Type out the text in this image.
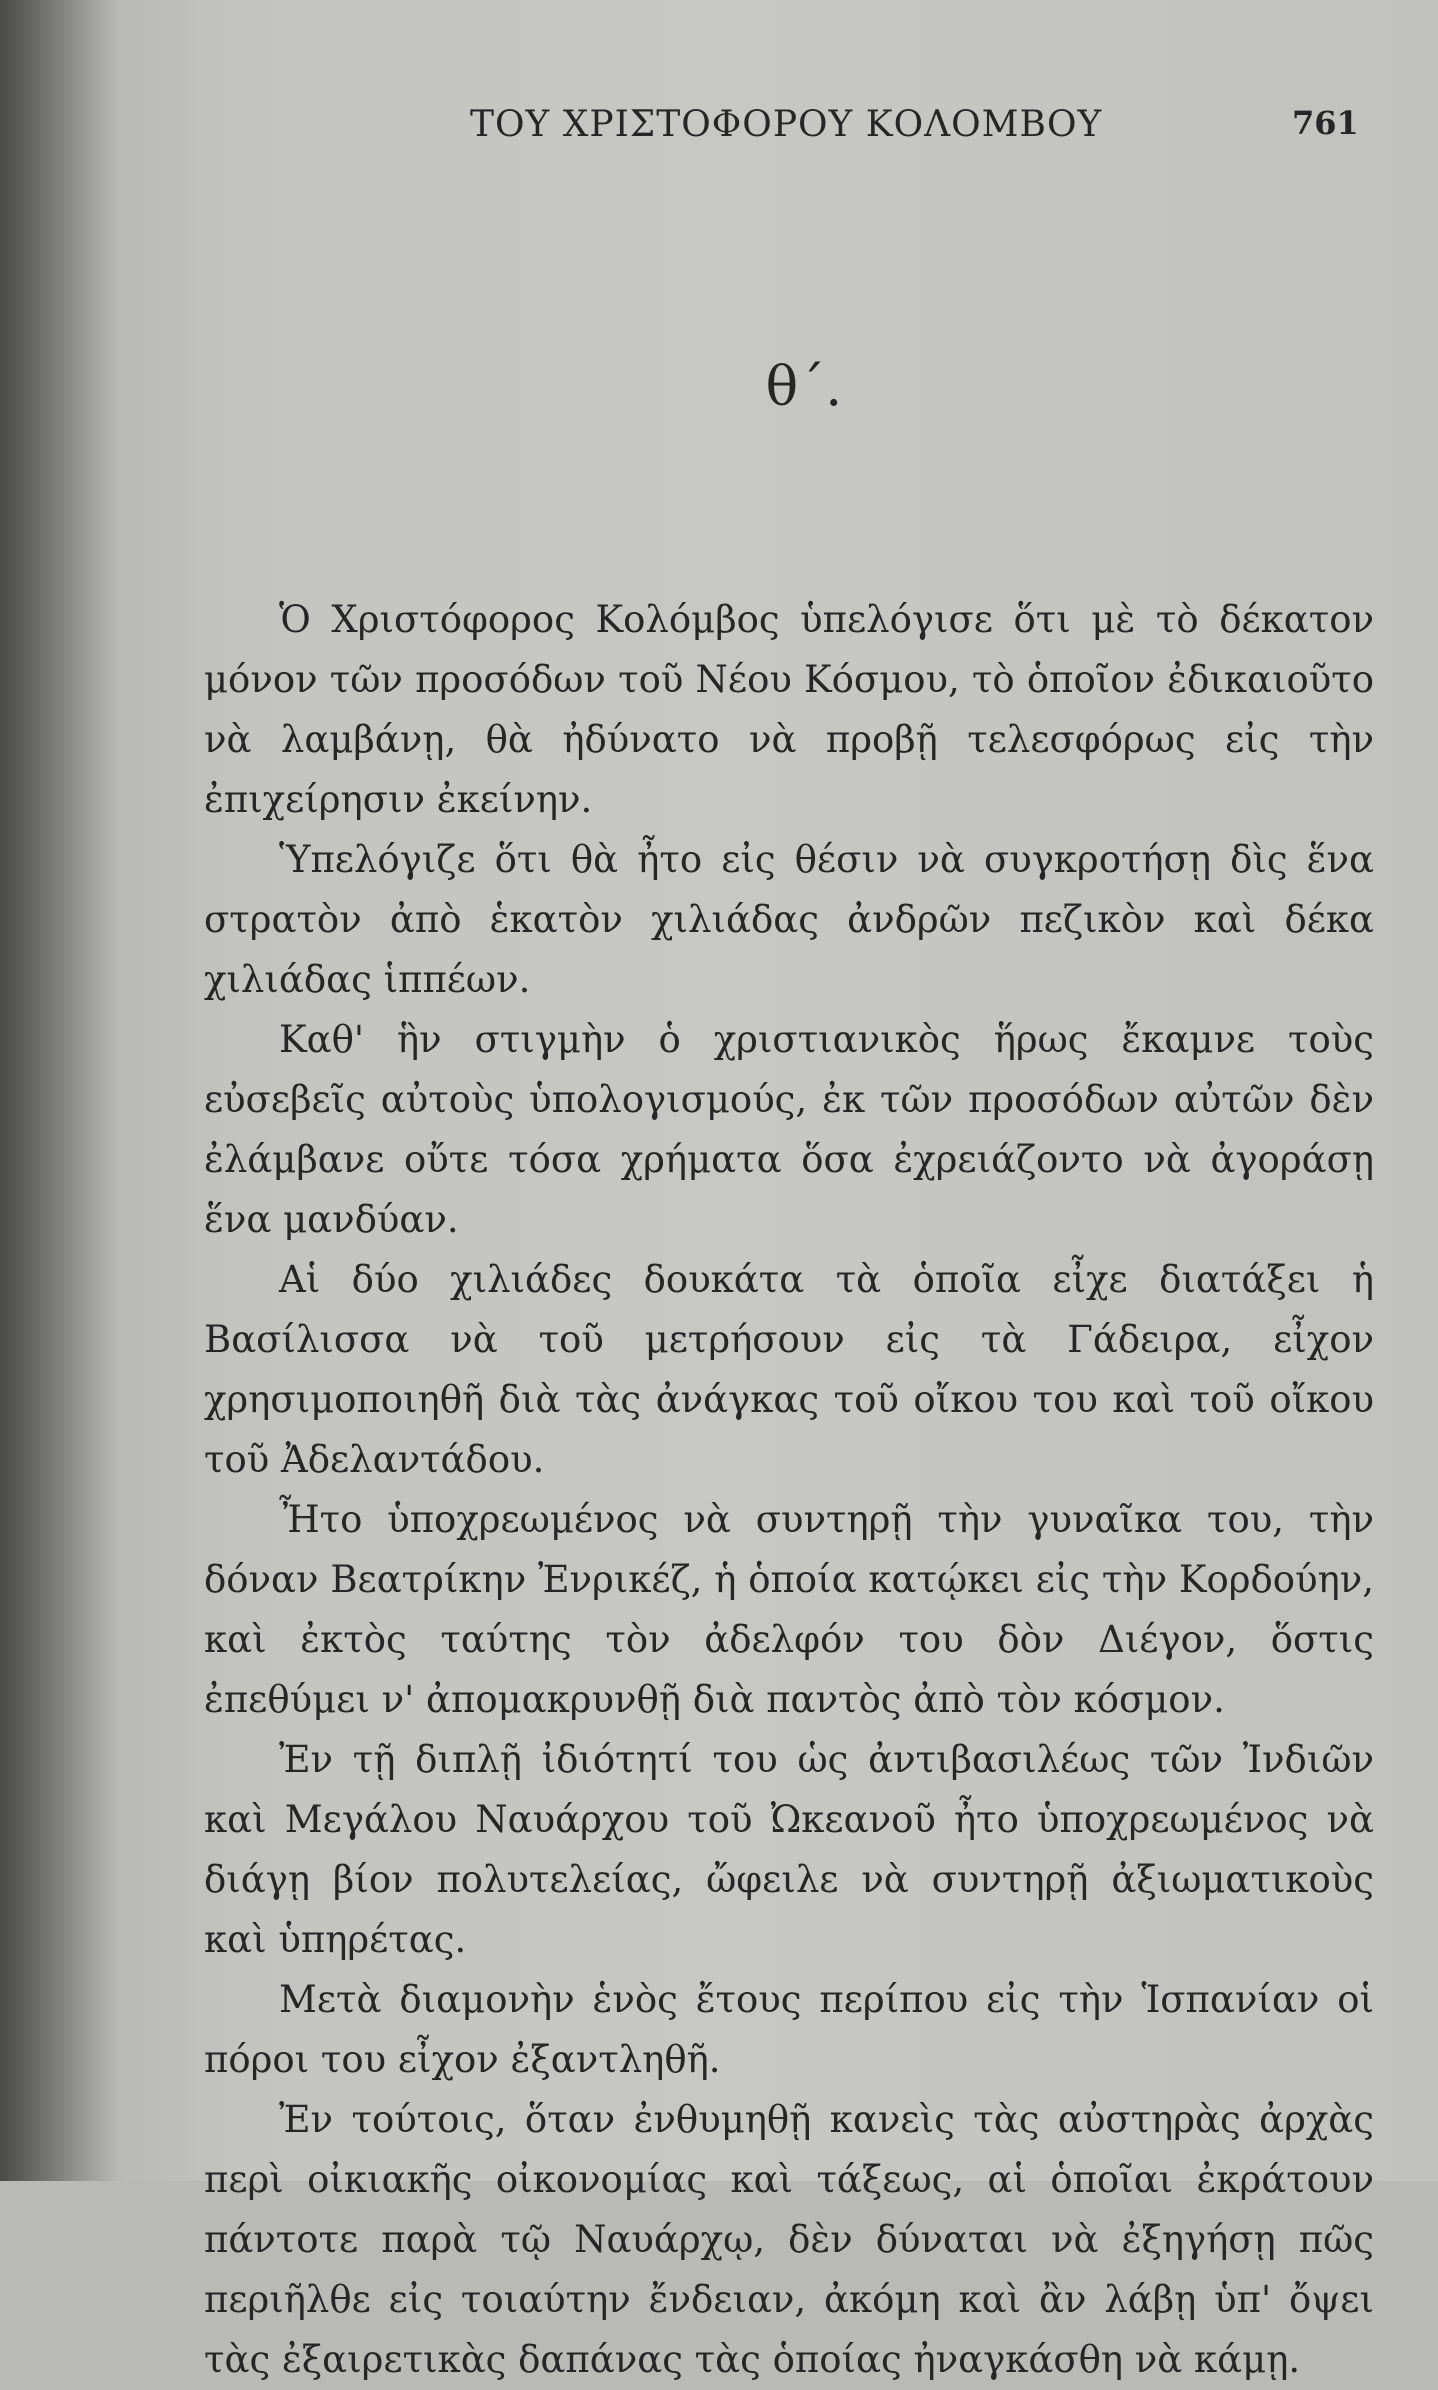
ΤΟΥ ΧΡΙΣΤΟΦΟΡΟΥ ΚΟΛΟΜΒΟΥ	761
θ΄.

Ὁ Χριστόφορος Κολόμβος ὑπελόγισε ὅτι μὲ τὸ δέκατον μόνον τῶν προσόδων τοῦ Νέου Κόσμου, τὸ ὁποῖον ἐδικαιοῦτο νὰ λαμβάνῃ, θὰ ἠδύνατο νὰ προβῇ τελεσφόρως εἰς τὴν ἐπιχείρησιν ἐκείνην.

Ὑπελόγιζε ὅτι θὰ ἦτο εἰς θέσιν νὰ συγκροτήσῃ δὶς ἕνα στρατὸν ἀπὸ ἑκατὸν χιλιάδας ἀνδρῶν πεζικὸν καὶ δέκα χιλιάδας ἱππέων.

Καθ' ἣν στιγμὴν ὁ χριστιανικὸς ἥρως ἔκαμνε τοὺς εὐσεβεῖς αὐτοὺς ὑπολογισμούς, ἐκ τῶν προσόδων αὐτῶν δὲν ἐλάμβανε οὔτε τόσα χρήματα ὅσα ἐχρειάζοντο νὰ ἀγοράσῃ ἕνα μανδύαν.

Αἱ δύο χιλιάδες δουκάτα τὰ ὁποῖα εἶχε διατάξει ἡ Βασίλισσα νὰ τοῦ μετρήσουν εἰς τὰ Γάδειρα, εἶχον χρησιμοποιηθῆ διὰ τὰς ἀνάγκας τοῦ οἴκου του καὶ τοῦ οἴκου τοῦ Ἀδελαντάδου.

Ἦτο ὑποχρεωμένος νὰ συντηρῇ τὴν γυναῖκα του, τὴν δόναν Βεατρίκην Ἐνρικέζ, ἡ ὁποία κατῴκει εἰς τὴν Κορδούην, καὶ ἐκτὸς ταύτης τὸν ἀδελφόν του δὸν Διέγον, ὅστις ἐπεθύμει ν' ἀπομακρυνθῇ διὰ παντὸς ἀπὸ τὸν κόσμον.

Ἐν τῇ διπλῇ ἰδιότητί του ὡς ἀντιβασιλέως τῶν Ἰνδιῶν καὶ Μεγάλου Ναυάρχου τοῦ Ὠκεανοῦ ἦτο ὑποχρεωμένος νὰ διάγῃ βίον πολυτελείας, ὤφειλε νὰ συντηρῇ ἀξιωματικοὺς καὶ ὑπηρέτας.

Μετὰ διαμονὴν ἑνὸς ἔτους περίπου εἰς τὴν Ἱσπανίαν οἱ πόροι του εἶχον ἐξαντληθῆ.

Ἐν τούτοις, ὅταν ἐνθυμηθῇ κανεὶς τὰς αὐστηρὰς ἀρχὰς περὶ οἰκιακῆς οἰκονομίας καὶ τάξεως, αἱ ὁποῖαι ἐκράτουν πάντοτε παρὰ τῷ Ναυάρχῳ, δὲν δύναται νὰ ἐξηγήσῃ πῶς περιῆλθε εἰς τοιαύτην ἔνδειαν, ἀκόμη καὶ ἂν λάβῃ ὑπ' ὄψει τὰς ἐξαιρετικὰς δαπάνας τὰς ὁποίας ἠναγκάσθη νὰ κάμῃ.
